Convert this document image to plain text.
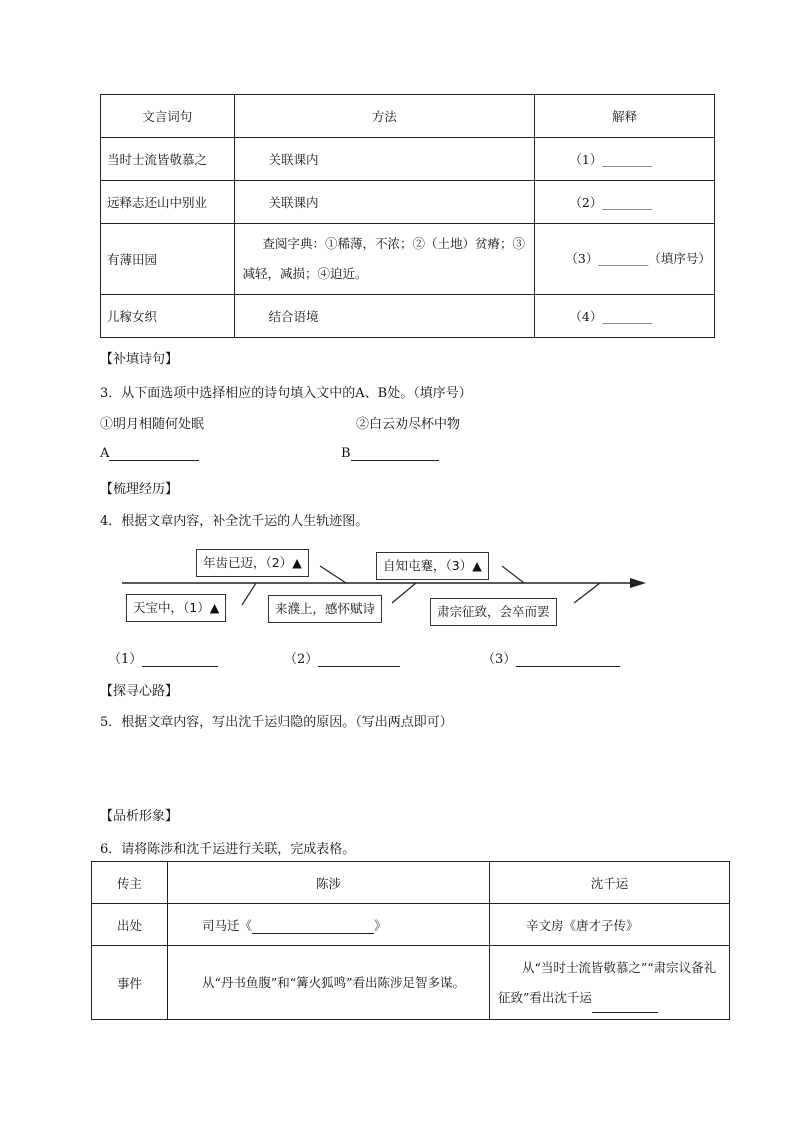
文言词句	方法	解释
当时士流皆敬慕之	关联课内	（1）________
远释志还山中别业	关联课内	（2）________
有薄田园	查阅字典：①稀薄，不浓；②（土地）贫瘠；③减轻，减损；④迫近。	（3）________（填序号）
儿稼女织	结合语境	（4）________
【补填诗句】
3．从下面选项中选择相应的诗句填入文中的A、B处。（填序号）
①明月相随何处眠	②白云劝尽杯中物
A	B
【梳理经历】
4．根据文章内容，补全沈千运的人生轨迹图。
年齿已迈，（2）▲	自知屯蹇，（3）▲
天宝中，（1）▲	来濮上，感怀赋诗	肃宗征致，会卒而罢
（1）	（2）	（3）
【探寻心路】
5．根据文章内容，写出沈千运归隐的原因。（写出两点即可）
【品析形象】
6．请将陈涉和沈千运进行关联，完成表格。
传主	陈涉	沈千运
出处	司马迁《 》	辛文房《唐才子传》
事件	从“丹书鱼腹”和“篝火狐鸣”看出陈涉足智多谋。	从“当时士流皆敬慕之”“肃宗议备礼征致”看出沈千运
